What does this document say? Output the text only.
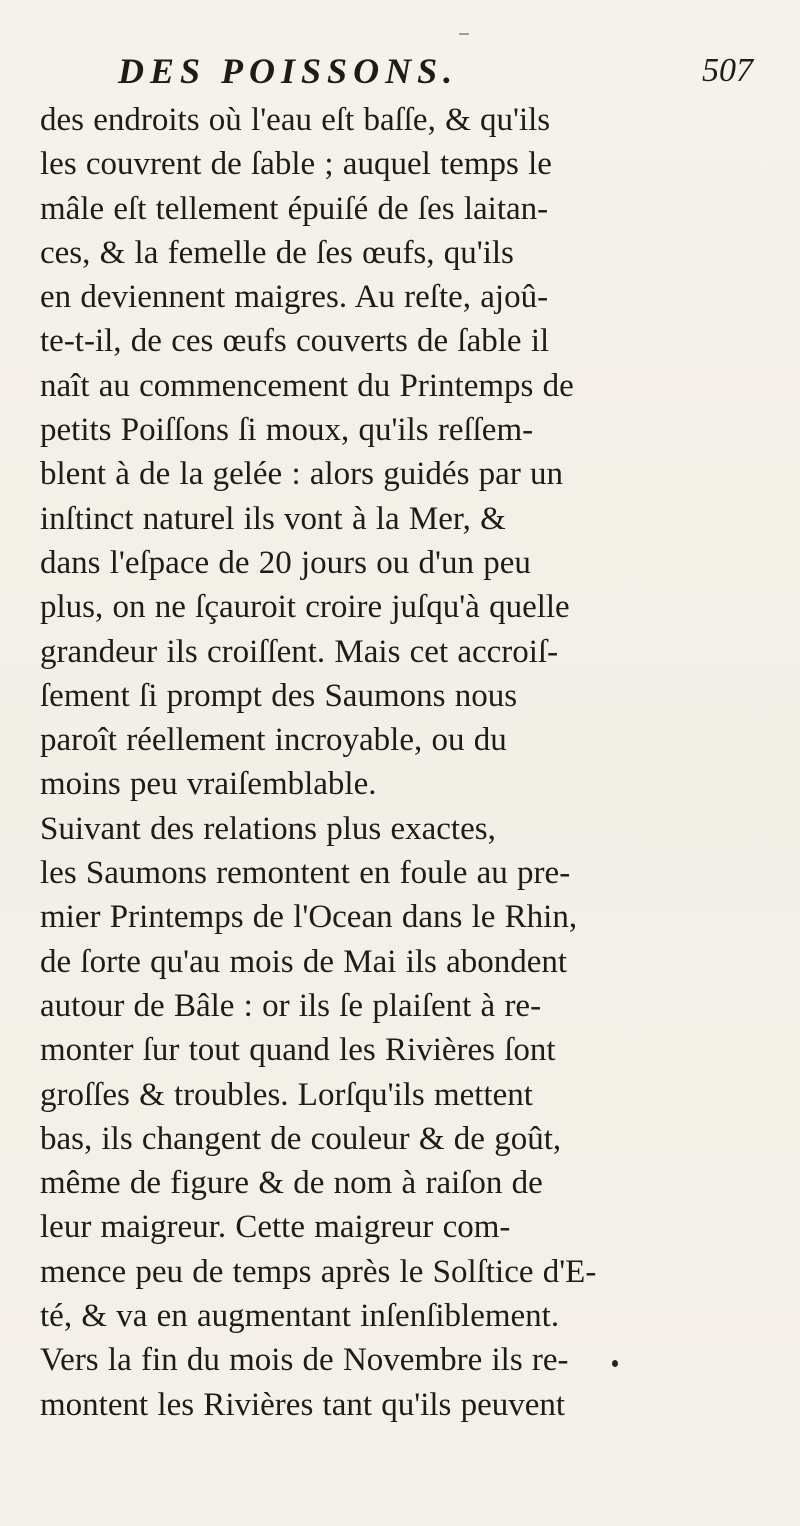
DES POISSONS.	507
des endroits où l'eau eſt baſſe, & qu'ils
les couvrent de ſable ; auquel temps le
mâle eſt tellement épuiſé de ſes laitan-
ces, & la femelle de ſes œufs, qu'ils
en deviennent maigres. Au reſte, ajoû-
te-t-il, de ces œufs couverts de ſable il
naît au commencement du Printemps de
petits Poiſſons ſi moux, qu'ils reſſem-
blent à de la gelée : alors guidés par un
inſtinct naturel ils vont à la Mer, &
dans l'eſpace de 20 jours ou d'un peu
plus, on ne ſçauroit croire juſqu'à quelle
grandeur ils croiſſent. Mais cet accroiſ-
ſement ſi prompt des Saumons nous
paroît réellement incroyable, ou du
moins peu vraiſemblable.
Suivant des relations plus exactes,
les Saumons remontent en foule au pre-
mier Printemps de l'Ocean dans le Rhin,
de ſorte qu'au mois de Mai ils abondent
autour de Bâle : or ils ſe plaiſent à re-
monter ſur tout quand les Rivières ſont
groſſes & troubles. Lorſqu'ils mettent
bas, ils changent de couleur & de goût,
même de figure & de nom à raiſon de
leur maigreur. Cette maigreur com-
mence peu de temps après le Solſtice d'E-
té, & va en augmentant inſenſiblement.
Vers la fin du mois de Novembre ils re-
montent les Rivières tant qu'ils peuvent
